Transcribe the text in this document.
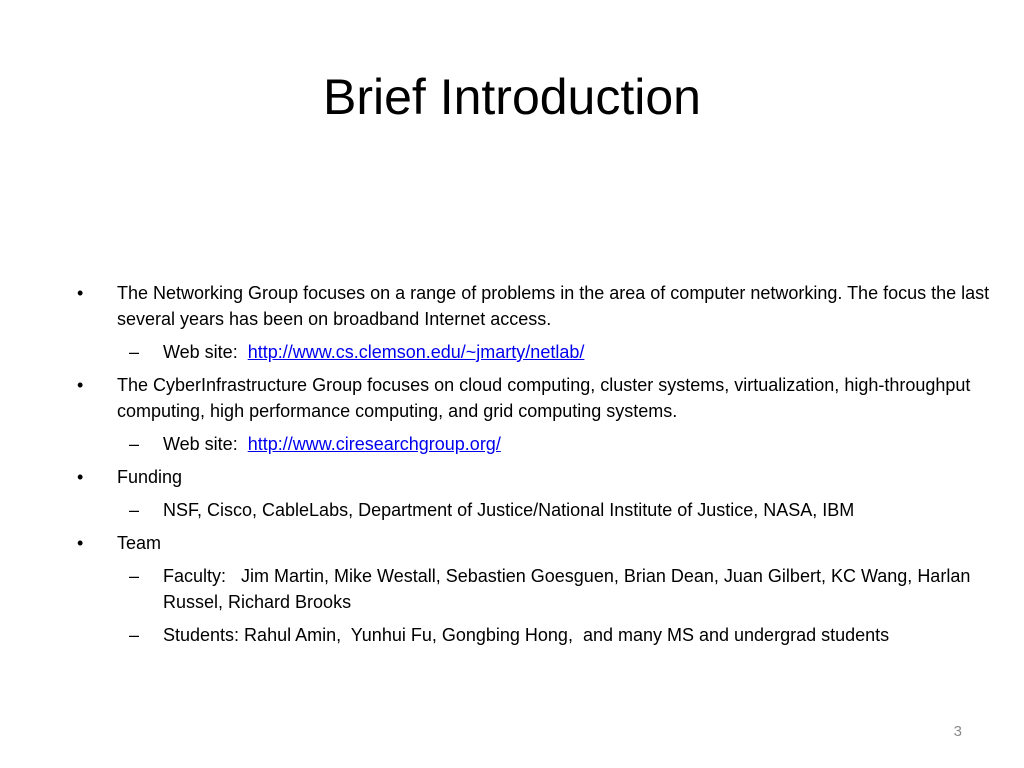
Brief Introduction
• The Networking Group focuses on a range of problems in the area of computer networking. The focus the last several years has been on broadband Internet access.
– Web site:  http://www.cs.clemson.edu/~jmarty/netlab/
• The CyberInfrastructure Group focuses on cloud computing, cluster systems, virtualization, high-throughput computing, high performance computing, and grid computing systems.
– Web site:  http://www.ciresearchgroup.org/
• Funding
– NSF, Cisco, CableLabs, Department of Justice/National Institute of Justice, NASA, IBM
• Team
– Faculty:   Jim Martin, Mike Westall, Sebastien Goesguen, Brian Dean, Juan Gilbert, KC Wang, Harlan Russel, Richard Brooks
– Students: Rahul Amin,  Yunhui Fu, Gongbing Hong,  and many MS and undergrad students
3
